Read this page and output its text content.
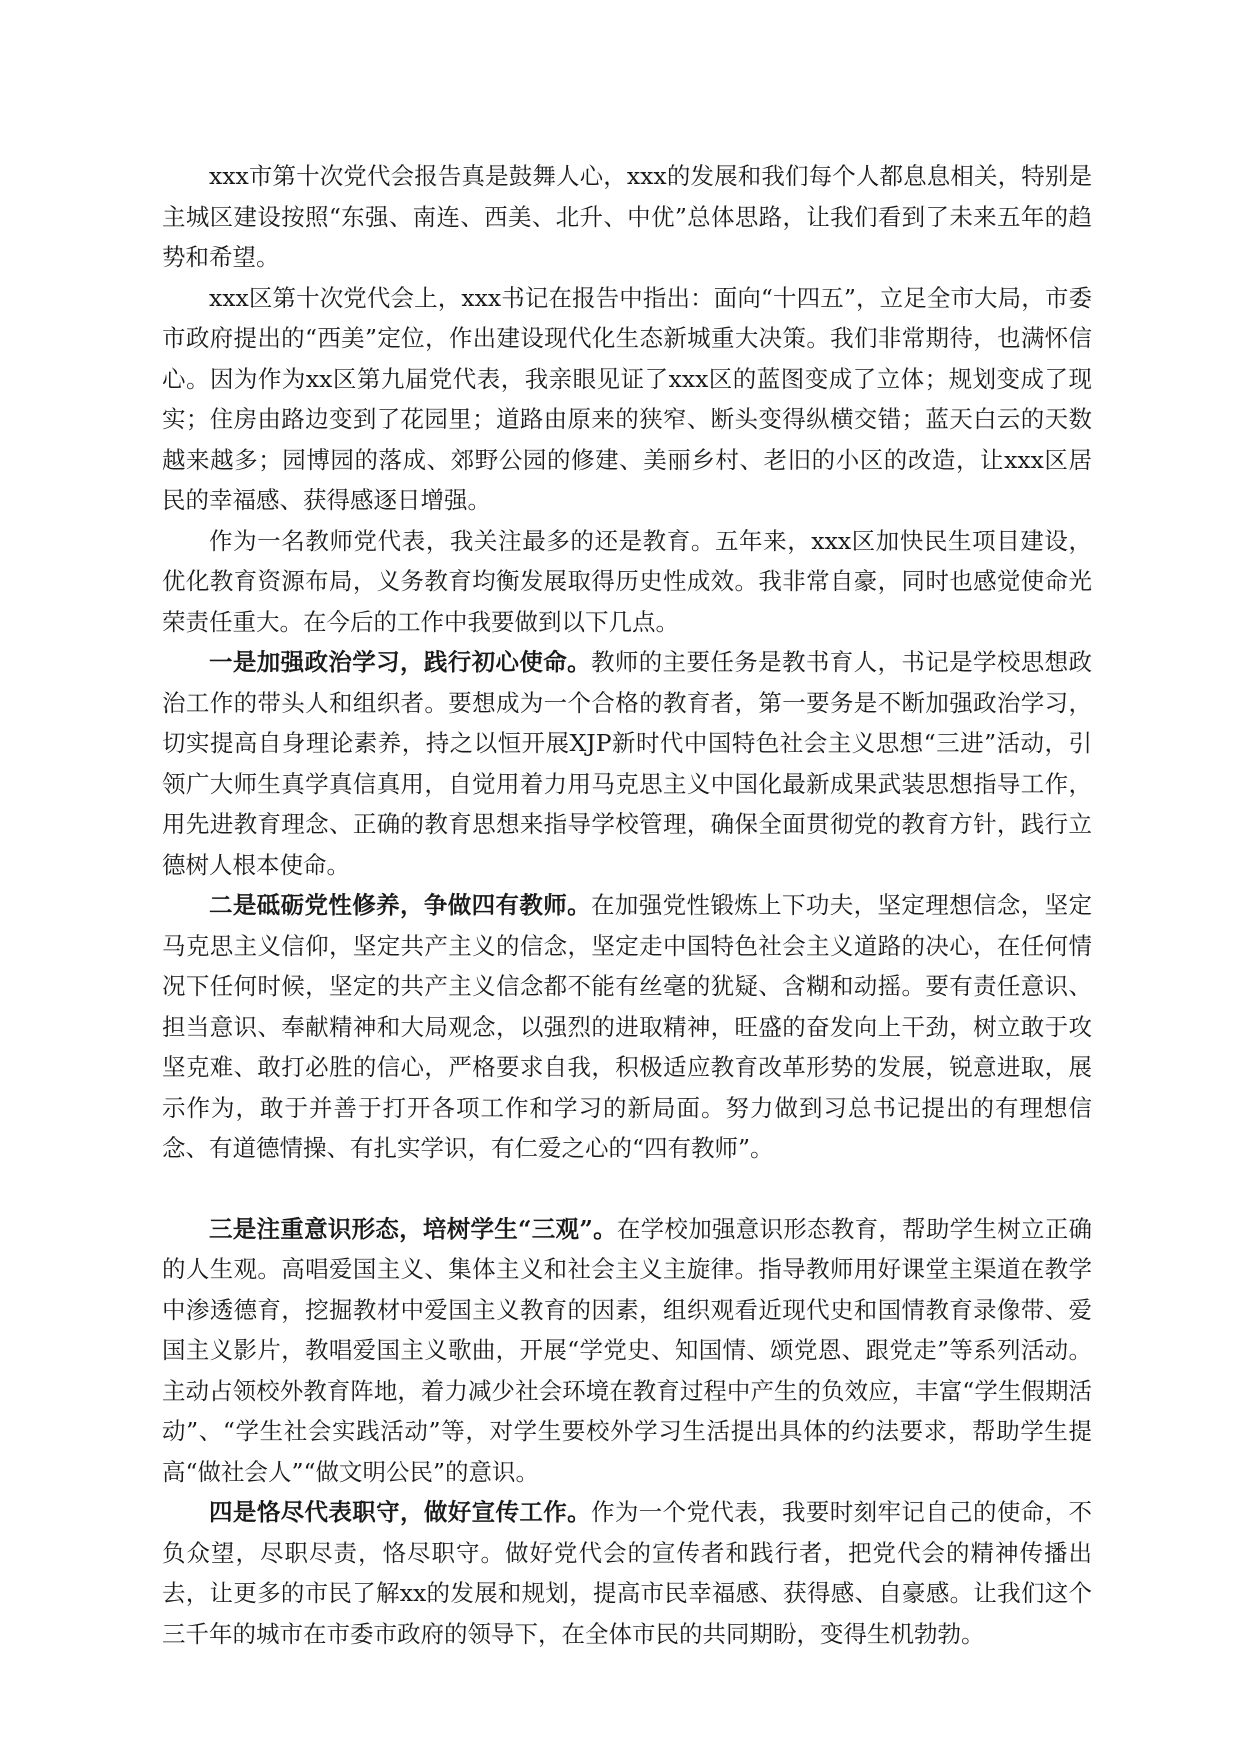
xxx市第十次党代会报告真是鼓舞人心，xxx的发展和我们每个人都息息相关，特别是主城区建设按照“东强、南连、西美、北升、中优”总体思路，让我们看到了未来五年的趋势和希望。

xxx区第十次党代会上，xxx书记在报告中指出：面向“十四五”，立足全市大局，市委市政府提出的“西美”定位，作出建设现代化生态新城重大决策。我们非常期待，也满怀信心。因为作为xx区第九届党代表，我亲眼见证了xxx区的蓝图变成了立体；规划变成了现实；住房由路边变到了花园里；道路由原来的狭窄、断头变得纵横交错；蓝天白云的天数越来越多；园博园的落成、郊野公园的修建、美丽乡村、老旧的小区的改造，让xxx区居民的幸福感、获得感逐日增强。

作为一名教师党代表，我关注最多的还是教育。五年来，xxx区加快民生项目建设，优化教育资源布局，义务教育均衡发展取得历史性成效。我非常自豪，同时也感觉使命光荣责任重大。在今后的工作中我要做到以下几点。

一是加强政治学习，践行初心使命。教师的主要任务是教书育人，书记是学校思想政治工作的带头人和组织者。要想成为一个合格的教育者，第一要务是不断加强政治学习，切实提高自身理论素养，持之以恒开展XJP新时代中国特色社会主义思想“三进”活动，引领广大师生真学真信真用，自觉用着力用马克思主义中国化最新成果武装思想指导工作，用先进教育理念、正确的教育思想来指导学校管理，确保全面贯彻党的教育方针，践行立德树人根本使命。

二是砥砺党性修养，争做四有教师。在加强党性锻炼上下功夫，坚定理想信念，坚定马克思主义信仰，坚定共产主义的信念，坚定走中国特色社会主义道路的决心，在任何情况下任何时候，坚定的共产主义信念都不能有丝毫的犹疑、含糊和动摇。要有责任意识、担当意识、奉献精神和大局观念，以强烈的进取精神，旺盛的奋发向上干劲，树立敢于攻坚克难、敢打必胜的信心，严格要求自我，积极适应教育改革形势的发展，锐意进取，展示作为，敢于并善于打开各项工作和学习的新局面。努力做到习总书记提出的有理想信念、有道德情操、有扎实学识，有仁爱之心的“四有教师”。

三是注重意识形态，培树学生“三观”。在学校加强意识形态教育，帮助学生树立正确的人生观。高唱爱国主义、集体主义和社会主义主旋律。指导教师用好课堂主渠道在教学中渗透德育，挖掘教材中爱国主义教育的因素，组织观看近现代史和国情教育录像带、爱国主义影片，教唱爱国主义歌曲，开展“学党史、知国情、颂党恩、跟党走”等系列活动。主动占领校外教育阵地，着力减少社会环境在教育过程中产生的负效应，丰富“学生假期活动”、“学生社会实践活动”等，对学生要校外学习生活提出具体的约法要求，帮助学生提高“做社会人”“做文明公民”的意识。

四是恪尽代表职守，做好宣传工作。作为一个党代表，我要时刻牢记自己的使命，不负众望，尽职尽责，恪尽职守。做好党代会的宣传者和践行者，把党代会的精神传播出去，让更多的市民了解xx的发展和规划，提高市民幸福感、获得感、自豪感。让我们这个三千年的城市在市委市政府的领导下，在全体市民的共同期盼，变得生机勃勃。
